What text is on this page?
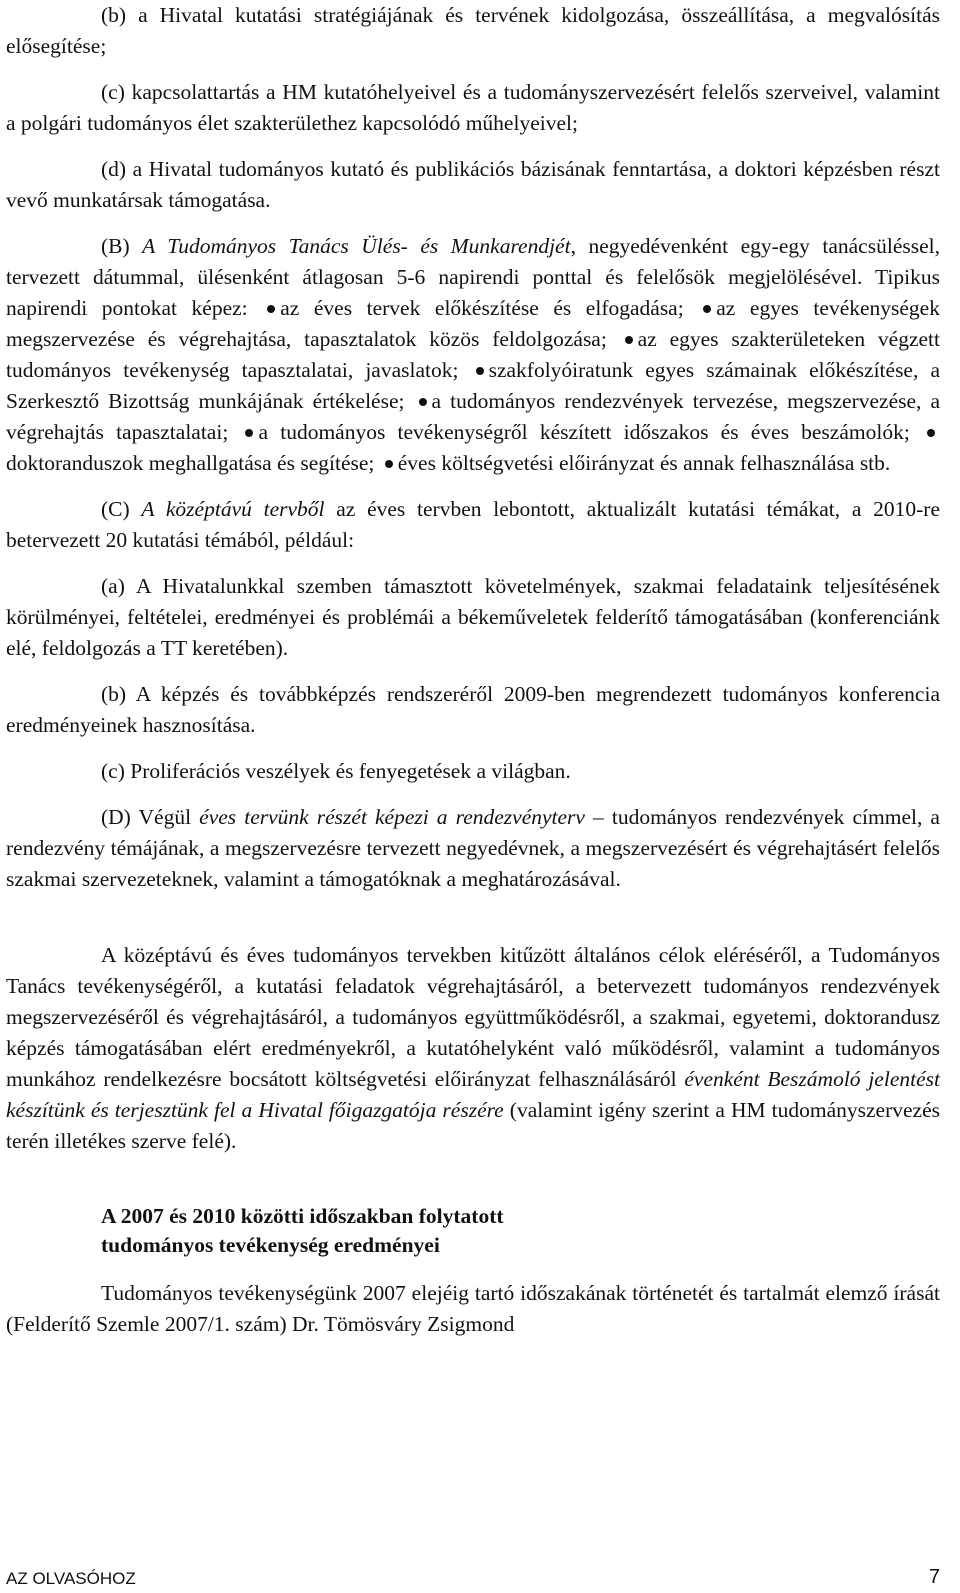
(b) a Hivatal kutatási stratégiájának és tervének kidolgozása, összeállítása, a megvalósítás elősegítése;

(c) kapcsolattartás a HM kutatóhelyeivel és a tudományszervezésért felelős szerveivel, valamint a polgári tudományos élet szakterülethez kapcsolódó műhelyeivel;

(d) a Hivatal tudományos kutató és publikációs bázisának fenntartása, a doktori képzésben részt vevő munkatársak támogatása.

(B) A Tudományos Tanács Ülés- és Munkarendjét, negyedévenként egy-egy tanácsüléssel, tervezett dátummal, ülésenként átlagosan 5-6 napirendi ponttal és felelősök megjelölésével. Tipikus napirendi pontokat képez: az éves tervek előkészítése és elfogadása; az egyes tevékenységek megszervezése és végrehajtása, tapasztalatok közös feldolgozása; az egyes szakterületeken végzett tudományos tevékenység tapasztalatai, javaslatok; szakfolyóiratunk egyes számainak előkészítése, a Szerkesztő Bizottság munkájának értékelése; a tudományos rendezvények tervezése, megszervezése, a végrehajtás tapasztalatai; a tudományos tevékenységről készített időszakos és éves beszámolók; doktoranduszok meghallgatása és segítése; éves költségvetési előirányzat és annak felhasználása stb.

(C) A középtávú tervből az éves tervben lebontott, aktualizált kutatási témákat, a 2010-re betervezett 20 kutatási témából, például:

(a) A Hivatalunkkal szemben támasztott követelmények, szakmai feladataink teljesítésének körülményei, feltételei, eredményei és problémái a békeműveletek felderítő támogatásában (konferenciánk elé, feldolgozás a TT keretében).

(b) A képzés és továbbképzés rendszeréről 2009-ben megrendezett tudományos konferencia eredményeinek hasznosítása.

(c) Proliferációs veszélyek és fenyegetések a világban.

(D) Végül éves tervünk részét képezi a rendezvényterv – tudományos rendezvények címmel, a rendezvény témájának, a megszervezésre tervezett negyedévnek, a megszervezésért és végrehajtásért felelős szakmai szervezeteknek, valamint a támogatóknak a meghatározásával.

A középtávú és éves tudományos tervekben kitűzött általános célok eléréséről, a Tudományos Tanács tevékenységéről, a kutatási feladatok végrehajtásáról, a betervezett tudományos rendezvények megszervezéséről és végrehajtásáról, a tudományos együttműködésről, a szakmai, egyetemi, doktorandusz képzés támogatásában elért eredményekről, a kutatóhelyként való működésről, valamint a tudományos munkához rendelkezésre bocsátott költségvetési előirányzat felhasználásáról évenként Beszámoló jelentést készítünk és terjesztünk fel a Hivatal főigazgatója részére (valamint igény szerint a HM tudományszervezés terén illetékes szerve felé).

A 2007 és 2010 közötti időszakban folytatott
tudományos tevékenység eredményei

Tudományos tevékenységünk 2007 elejéig tartó időszakának történetét és tartalmát elemző írását (Felderítő Szemle 2007/1. szám) Dr. Tömösváry Zsigmond

AZ OLVASÓHOZ	7
